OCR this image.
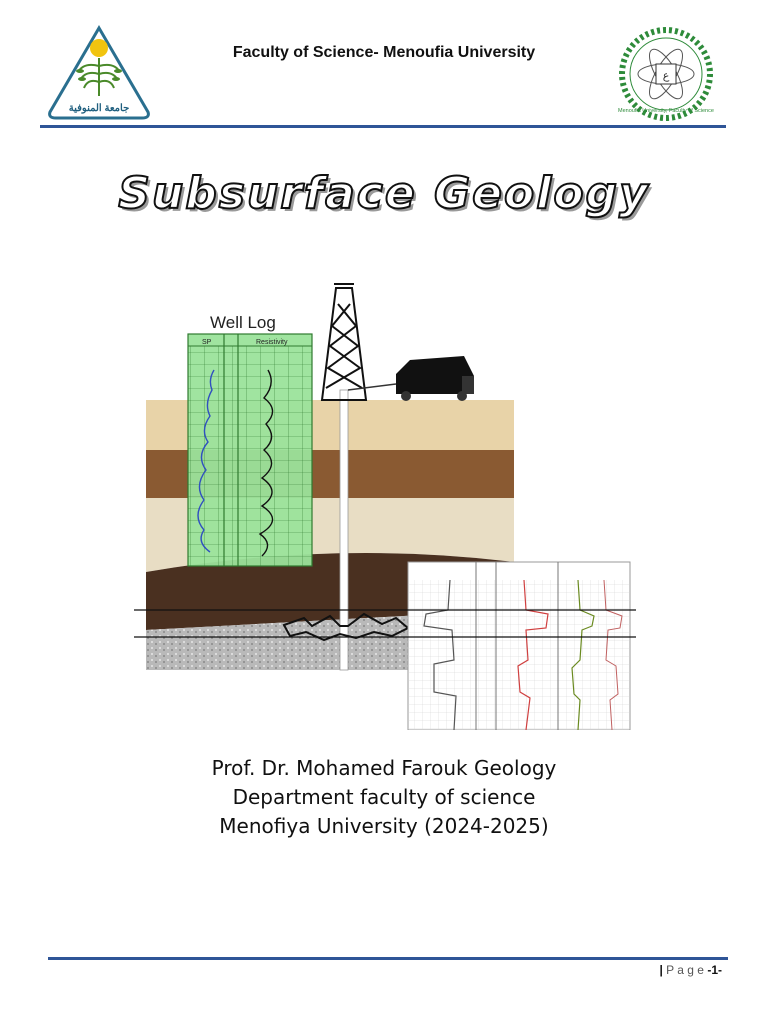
جامعة المنوفية
Faculty of Science- Menoufia University
ع
Menoufia University, Faculty of Science
Subsurface Geology
Well Log
SP	Resistivity
Prof. Dr. Mohamed Farouk Geology
Department faculty of science
Menofiya University (2024-2025)
| P a g e -1-
